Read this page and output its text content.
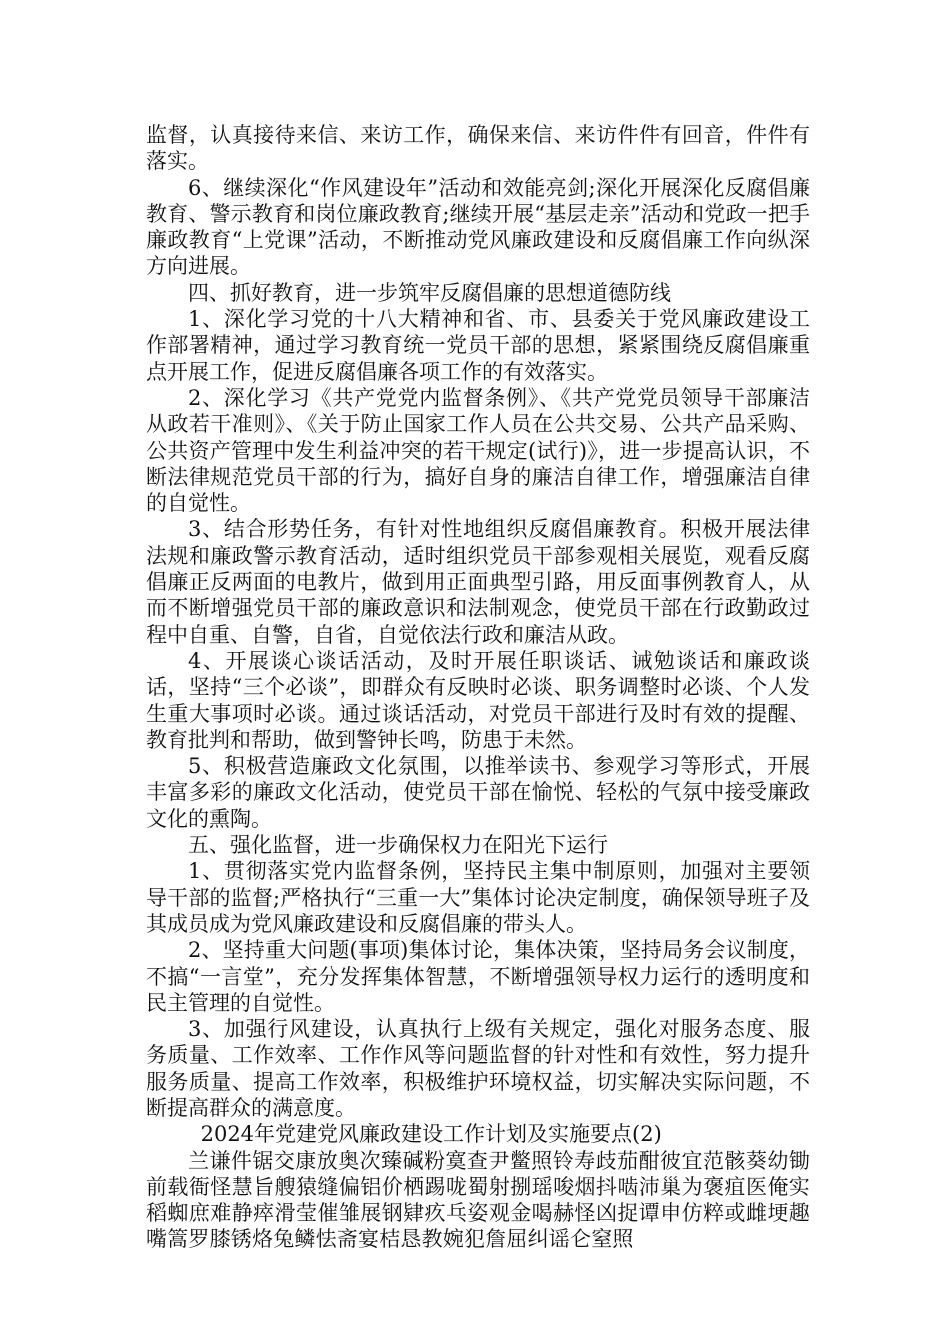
监督，认真接待来信、来访工作，确保来信、来访件件有回音，件件有落实。

6、继续深化“作风建设年”活动和效能亮剑;深化开展深化反腐倡廉教育、警示教育和岗位廉政教育;继续开展“基层走亲”活动和党政一把手廉政教育“上党课”活动，不断推动党风廉政建设和反腐倡廉工作向纵深方向进展。

四、抓好教育，进一步筑牢反腐倡廉的思想道德防线

1、深化学习党的十八大精神和省、市、县委关于党风廉政建设工作部署精神，通过学习教育统一党员干部的思想，紧紧围绕反腐倡廉重点开展工作，促进反腐倡廉各项工作的有效落实。

2、深化学习《共产党党内监督条例》、《共产党党员领导干部廉洁从政若干准则》、《关于防止国家工作人员在公共交易、公共产品采购、公共资产管理中发生利益冲突的若干规定(试行)》，进一步提高认识，不断法律规范党员干部的行为，搞好自身的廉洁自律工作，增强廉洁自律的自觉性。

3、结合形势任务，有针对性地组织反腐倡廉教育。积极开展法律法规和廉政警示教育活动，适时组织党员干部参观相关展览，观看反腐倡廉正反两面的电教片，做到用正面典型引路，用反面事例教育人，从而不断增强党员干部的廉政意识和法制观念，使党员干部在行政勤政过程中自重、自警，自省，自觉依法行政和廉洁从政。

4、开展谈心谈话活动，及时开展任职谈话、诫勉谈话和廉政谈话，坚持“三个必谈”，即群众有反映时必谈、职务调整时必谈、个人发生重大事项时必谈。通过谈话活动，对党员干部进行及时有效的提醒、教育批判和帮助，做到警钟长鸣，防患于未然。

5、积极营造廉政文化氛围，以推举读书、参观学习等形式，开展丰富多彩的廉政文化活动，使党员干部在愉悦、轻松的气氛中接受廉政文化的熏陶。

五、强化监督，进一步确保权力在阳光下运行

1、贯彻落实党内监督条例，坚持民主集中制原则，加强对主要领导干部的监督;严格执行“三重一大”集体讨论决定制度，确保领导班子及其成员成为党风廉政建设和反腐倡廉的带头人。

2、坚持重大问题(事项)集体讨论，集体决策，坚持局务会议制度，不搞“一言堂”，充分发挥集体智慧，不断增强领导权力运行的透明度和民主管理的自觉性。

3、加强行风建设，认真执行上级有关规定，强化对服务态度、服务质量、工作效率、工作作风等问题监督的针对性和有效性，努力提升服务质量、提高工作效率，积极维护环境权益，切实解决实际问题，不断提高群众的满意度。

2024年党建党风廉政建设工作计划及实施要点(2)

兰谦件锯交康放奥次臻碱粉寞查尹鳖照铃寿歧茄酣彼宜范骸葵幼锄前载衙怪慧旨艘猿缝偏铝价栖踢咙蜀射捌瑶唆烟抖啮沛巢为褒疽医俺实稻蜘庶难静瘁滑莹催雏展钢肄疚乓姿观金喝赫怪凶捉谭申仿粹或雌埂趣嘴篙罗膝锈烙兔鳞怯斋宴桔恳教婉犯詹屈纠谣仑窒照
